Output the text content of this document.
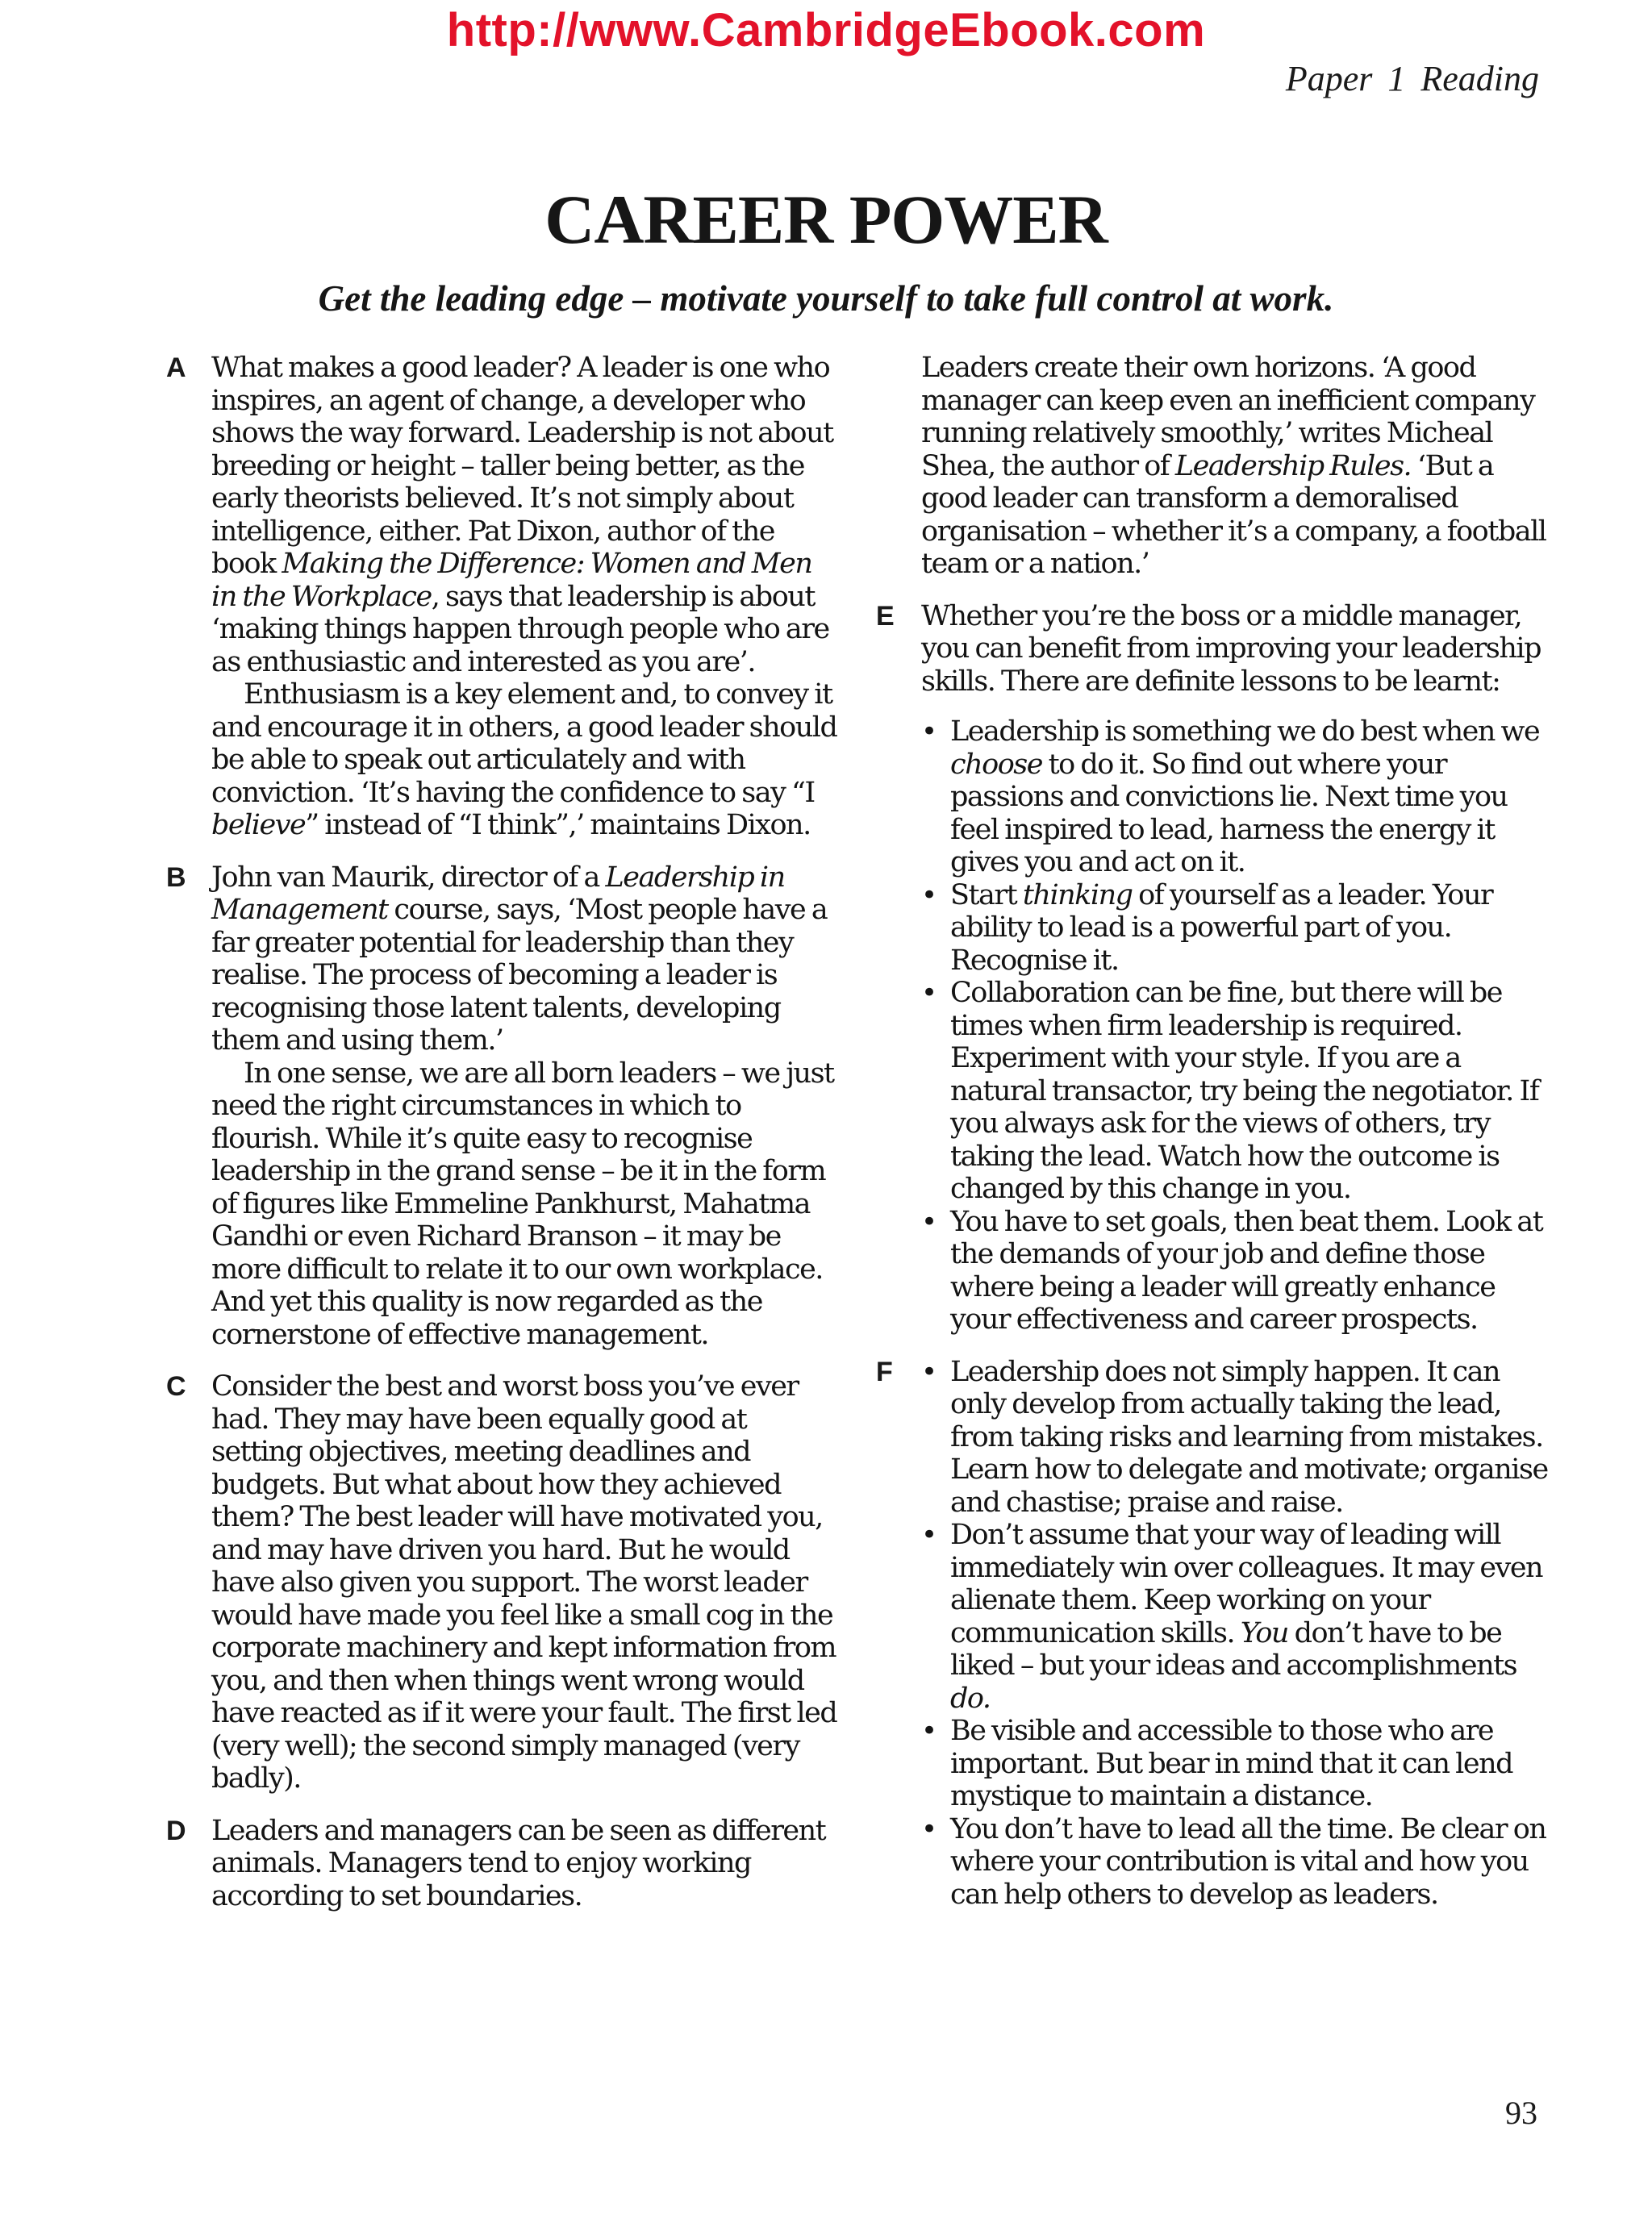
http://www.CambridgeEbook.com
Paper 1 Reading
CAREER POWER
Get the leading edge – motivate yourself to take full control at work.
A What makes a good leader? A leader is one who inspires, an agent of change, a developer who shows the way forward. Leadership is not about breeding or height – taller being better, as the early theorists believed. It’s not simply about intelligence, either. Pat Dixon, author of the book Making the Difference: Women and Men in the Workplace, says that leadership is about ‘making things happen through people who are as enthusiastic and interested as you are’.

Enthusiasm is a key element and, to convey it and encourage it in others, a good leader should be able to speak out articulately and with conviction. ‘It’s having the confidence to say “I believe” instead of “I think”,’ maintains Dixon.

B John van Maurik, director of a Leadership in Management course, says, ‘Most people have a far greater potential for leadership than they realise. The process of becoming a leader is recognising those latent talents, developing them and using them.’

In one sense, we are all born leaders – we just need the right circumstances in which to flourish. While it’s quite easy to recognise leadership in the grand sense – be it in the form of figures like Emmeline Pankhurst, Mahatma Gandhi or even Richard Branson – it may be more difficult to relate it to our own workplace. And yet this quality is now regarded as the cornerstone of effective management.

C Consider the best and worst boss you’ve ever had. They may have been equally good at setting objectives, meeting deadlines and budgets. But what about how they achieved them? The best leader will have motivated you, and may have driven you hard. But he would have also given you support. The worst leader would have made you feel like a small cog in the corporate machinery and kept information from you, and then when things went wrong would have reacted as if it were your fault. The first led (very well); the second simply managed (very badly).

D Leaders and managers can be seen as different animals. Managers tend to enjoy working according to set boundaries.

Leaders create their own horizons. ‘A good manager can keep even an inefficient company running relatively smoothly,’ writes Micheal Shea, the author of Leadership Rules. ‘But a good leader can transform a demoralised organisation – whether it’s a company, a football team or a nation.’

E Whether you’re the boss or a middle manager, you can benefit from improving your leadership skills. There are definite lessons to be learnt:

• Leadership is something we do best when we choose to do it. So find out where your passions and convictions lie. Next time you feel inspired to lead, harness the energy it gives you and act on it.
• Start thinking of yourself as a leader. Your ability to lead is a powerful part of you. Recognise it.
• Collaboration can be fine, but there will be times when firm leadership is required. Experiment with your style. If you are a natural transactor, try being the negotiator. If you always ask for the views of others, try taking the lead. Watch how the outcome is changed by this change in you.
• You have to set goals, then beat them. Look at the demands of your job and define those where being a leader will greatly enhance your effectiveness and career prospects.
F • Leadership does not simply happen. It can only develop from actually taking the lead, from taking risks and learning from mistakes. Learn how to delegate and motivate; organise and chastise; praise and raise.
• Don’t assume that your way of leading will immediately win over colleagues. It may even alienate them. Keep working on your communication skills. You don’t have to be liked – but your ideas and accomplishments do.
• Be visible and accessible to those who are important. But bear in mind that it can lend mystique to maintain a distance.
• You don’t have to lead all the time. Be clear on where your contribution is vital and how you can help others to develop as leaders.
93
